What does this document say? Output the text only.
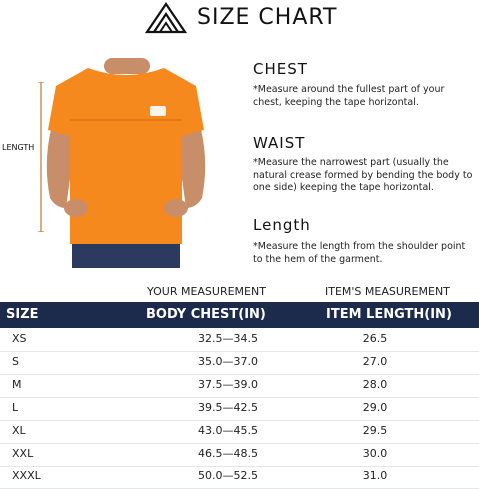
SIZE CHART
LENGTH
CHEST
*Measure around the fullest part of your chest, keeping the tape horizontal.
WAIST
*Measure the narrowest part (usually the natural crease formed by bending the body to one side) keeping the tape horizontal.
Length
*Measure the length from the shoulder point to the hem of the garment.
YOUR MEASUREMENT	ITEM'S MEASUREMENT
SIZE	BODY CHEST(IN)	ITEM LENGTH(IN)
XS	32.5—34.5	26.5
S	35.0—37.0	27.0
M	37.5—39.0	28.0
L	39.5—42.5	29.0
XL	43.0—45.5	29.5
XXL	46.5—48.5	30.0
XXXL	50.0—52.5	31.0
